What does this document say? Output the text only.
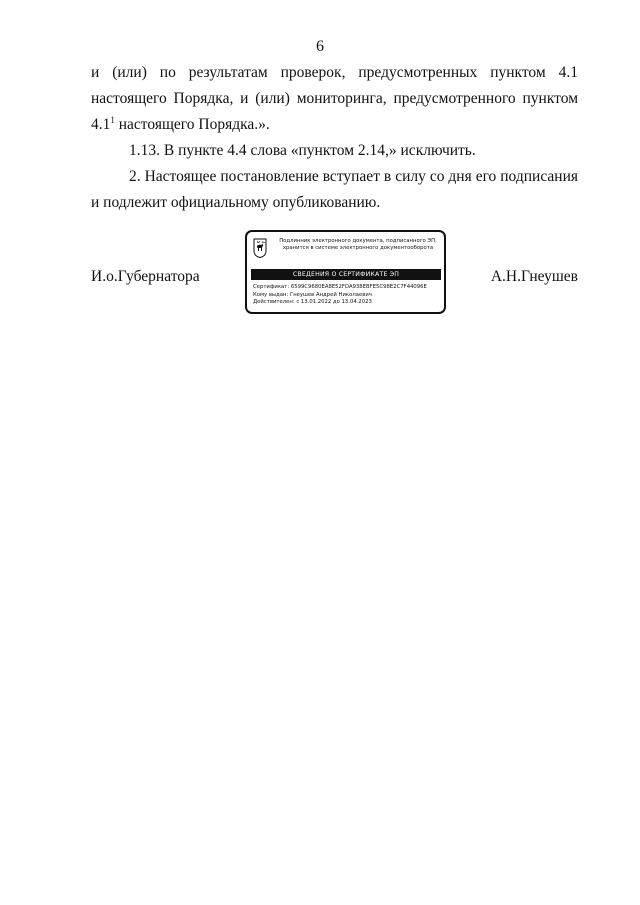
6

и (или) по результатам проверок, предусмотренных пунктом 4.1 настоящего Порядка, и (или) мониторинга, предусмотренного пунктом $4.1^1$ настоящего Порядка.».

1.13. В пункте 4.4 слова «пунктом 2.14,» исключить.

2. Настоящее постановление вступает в силу со дня его подписания и подлежит официальному опубликованию.

И.о.Губернатора
Подлинник электронного документа, подписанного ЭП,
хранится в системе электронного документооборота
СВЕДЕНИЯ О СЕРТИФИКАТЕ ЭП
Сертификат: 6599C9680EA8E52FDA938EBFE5C98E2C7F44096E
Кому выдан: Гнеушев Андрей Николаевич
Действителен: с 13.01.2022 до 13.04.2023
А.Н.Гнеушев
